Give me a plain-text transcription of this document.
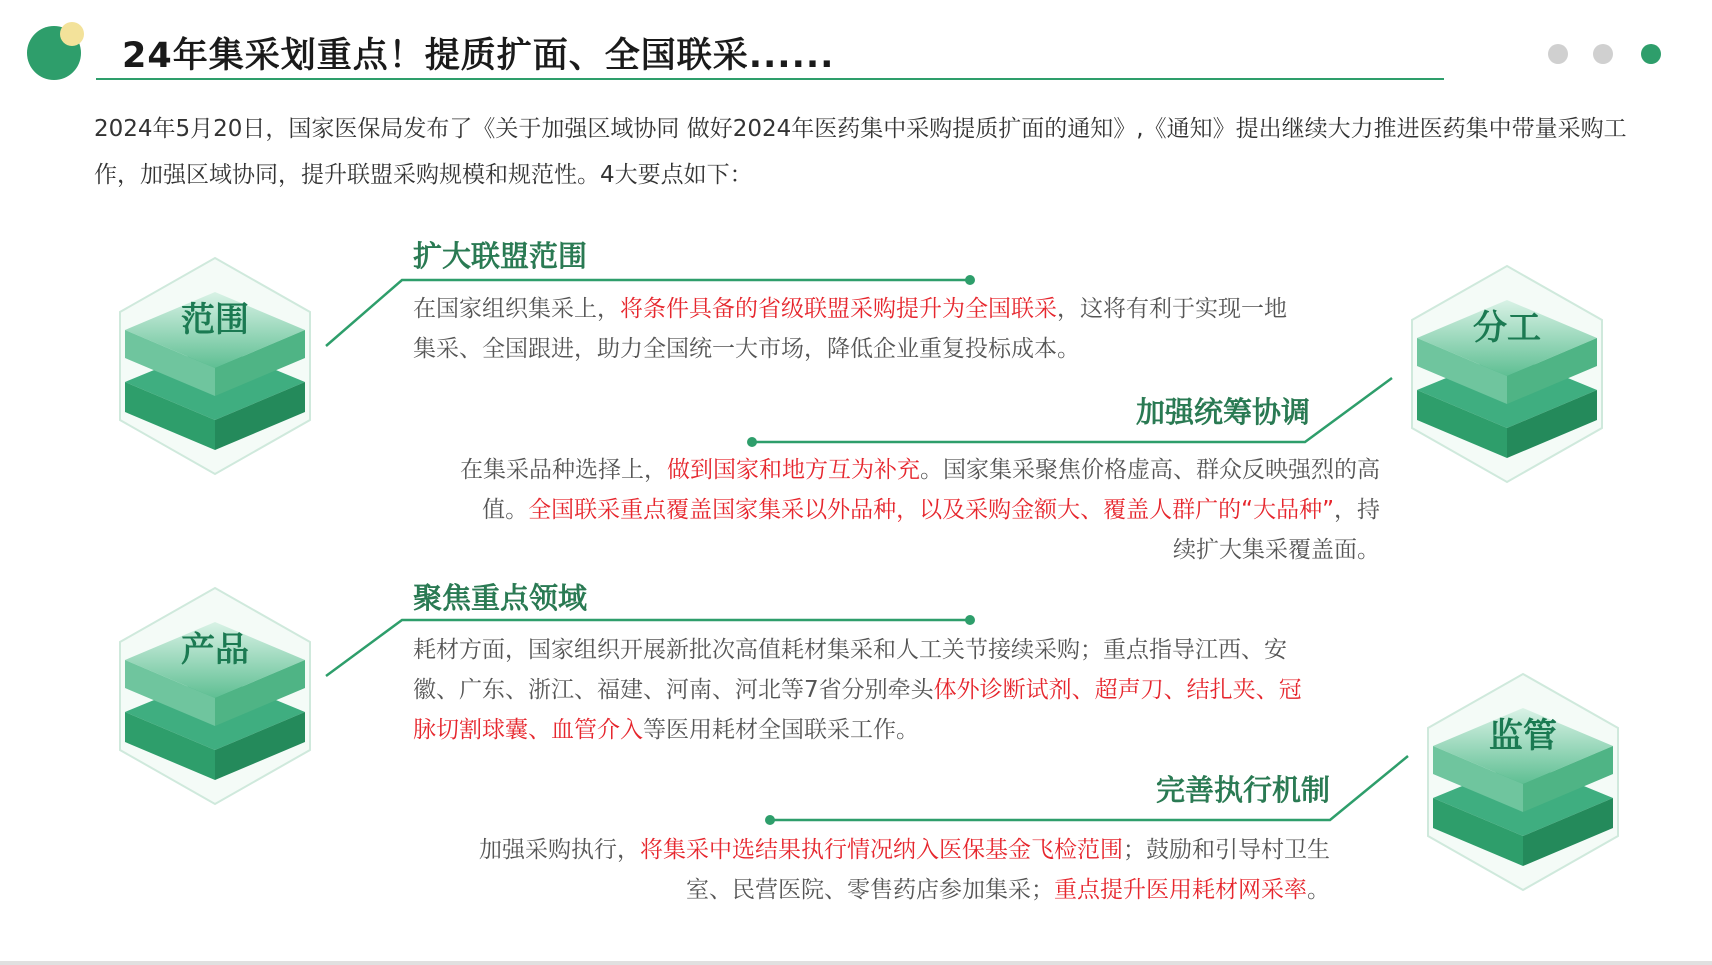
24年集采划重点！提质扩面、全国联采......
2024年5月20日，国家医保局发布了《关于加强区域协同 做好2024年医药集中采购提质扩面的通知》,《通知》提出继续大力推进医药集中带量采购工作，加强区域协同，提升联盟采购规模和规范性。4大要点如下：
范围	分工
产品
监管
扩大联盟范围
在国家组织集采上，将条件具备的省级联盟采购提升为全国联采，这将有利于实现一地集采、全国跟进，助力全国统一大市场，降低企业重复投标成本。
加强统筹协调
在集采品种选择上，做到国家和地方互为补充。国家集采聚焦价格虚高、群众反映强烈的高值。全国联采重点覆盖国家集采以外品种，以及采购金额大、覆盖人群广的“大品种”，持续扩大集采覆盖面。
聚焦重点领域
耗材方面，国家组织开展新批次高值耗材集采和人工关节接续采购；重点指导江西、安徽、广东、浙江、福建、河南、河北等7省分别牵头体外诊断试剂、超声刀、结扎夹、冠脉切割球囊、血管介入等医用耗材全国联采工作。
完善执行机制
加强采购执行，将集采中选结果执行情况纳入医保基金飞检范围；鼓励和引导村卫生室、民营医院、零售药店参加集采；重点提升医用耗材网采率。
